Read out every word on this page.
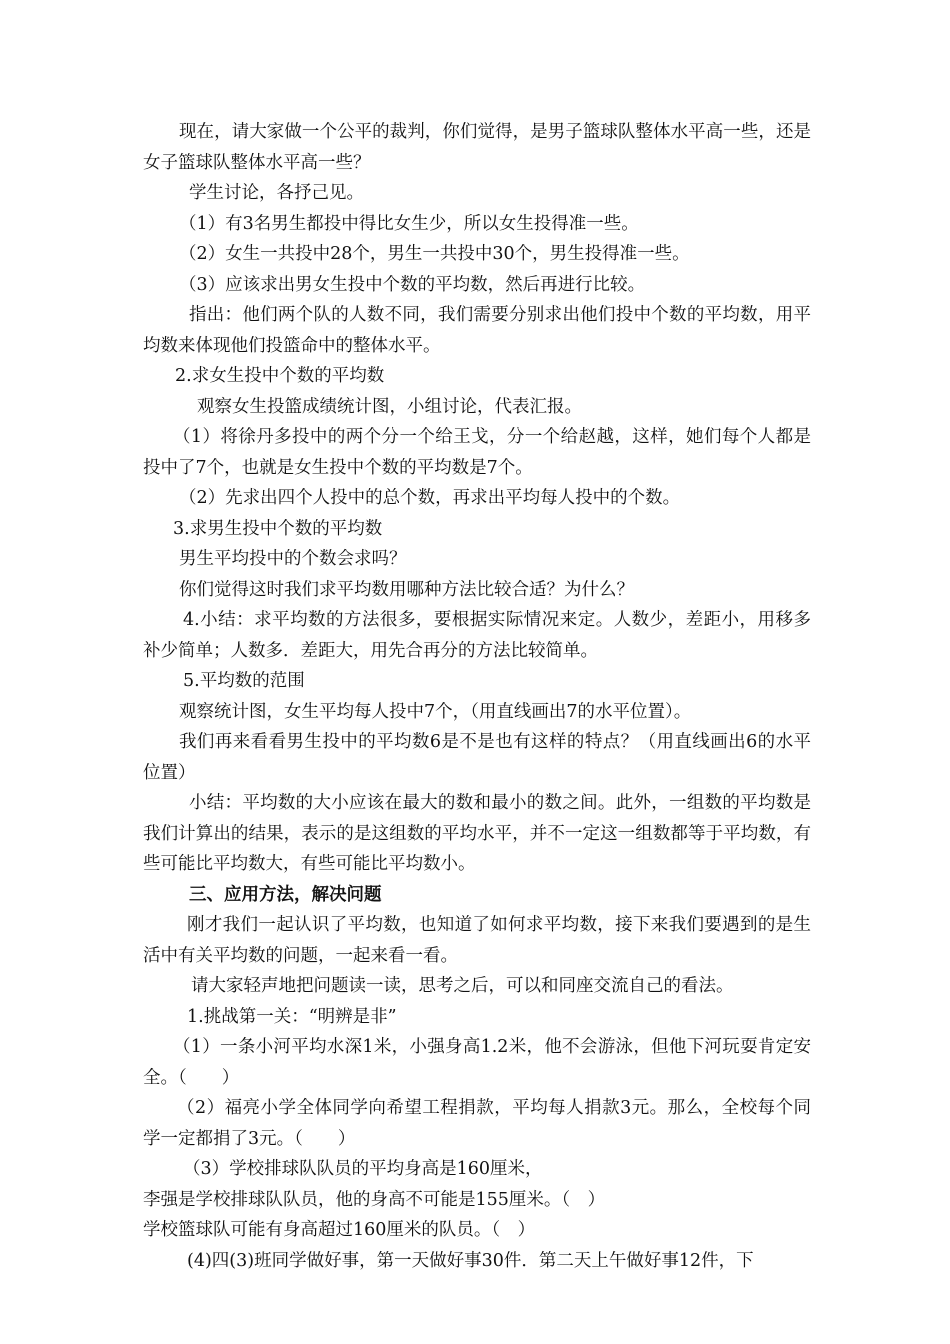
现在，请大家做一个公平的裁判，你们觉得，是男子篮球队整体水平高一些，还是女子篮球队整体水平高一些？

学生讨论，各抒己见。

（1）有3名男生都投中得比女生少，所以女生投得准一些。

（2）女生一共投中28个，男生一共投中30个，男生投得准一些。

（3）应该求出男女生投中个数的平均数，然后再进行比较。

指出：他们两个队的人数不同，我们需要分别求出他们投中个数的平均数，用平均数来体现他们投篮命中的整体水平。

2.求女生投中个数的平均数

观察女生投篮成绩统计图，小组讨论，代表汇报。

（1）将徐丹多投中的两个分一个给王戈，分一个给赵越，这样，她们每个人都是投中了7个，也就是女生投中个数的平均数是7个。

（2）先求出四个人投中的总个数，再求出平均每人投中的个数。

3.求男生投中个数的平均数

男生平均投中的个数会求吗？

你们觉得这时我们求平均数用哪种方法比较合适？为什么？

4.小结：求平均数的方法很多，要根据实际情况来定。人数少，差距小，用移多补少简单；人数多．差距大，用先合再分的方法比较简单。

5.平均数的范围

观察统计图，女生平均每人投中7个，（用直线画出7的水平位置）。

我们再来看看男生投中的平均数6是不是也有这样的特点？（用直线画出6的水平位置）

小结：平均数的大小应该在最大的数和最小的数之间。此外，一组数的平均数是我们计算出的结果，表示的是这组数的平均水平，并不一定这一组数都等于平均数，有些可能比平均数大，有些可能比平均数小。

三、应用方法，解决问题

刚才我们一起认识了平均数，也知道了如何求平均数，接下来我们要遇到的是生活中有关平均数的问题，一起来看一看。

请大家轻声地把问题读一读，思考之后，可以和同座交流自己的看法。

1.挑战第一关：“明辨是非”

（1）一条小河平均水深1米，小强身高1.2米，他不会游泳，但他下河玩耍肯定安全。（　　）

（2）福亮小学全体同学向希望工程捐款，平均每人捐款3元。那么，全校每个同学一定都捐了3元。（　　）

（3）学校排球队队员的平均身高是160厘米，

李强是学校排球队队员，他的身高不可能是155厘米。（　）

学校篮球队可能有身高超过160厘米的队员。（　）

(4)四(3)班同学做好事，第一天做好事30件．第二天上午做好事12件，下
